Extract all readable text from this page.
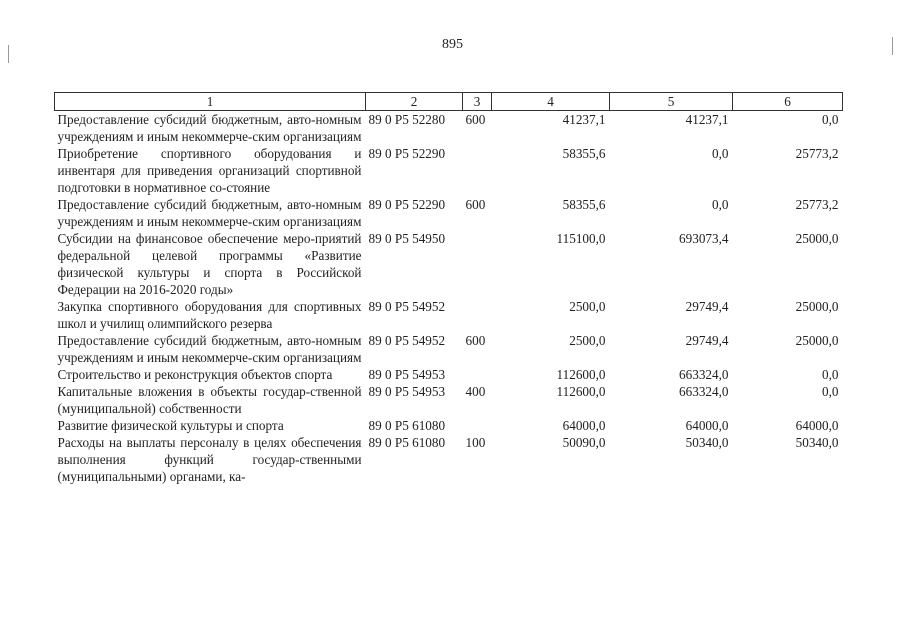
895
1	2	3	4	5	6
Предоставление субсидий бюджетным, авто-номным учреждениям и иным некоммерче-ским организациям	89 0 P5 52280	600	41237,1	41237,1	0,0
Приобретение спортивного оборудования и инвентаря для приведения организаций спортивной подготовки в нормативное со-стояние	89 0 P5 52290		58355,6	0,0	25773,2
Предоставление субсидий бюджетным, авто-номным учреждениям и иным некоммерче-ским организациям	89 0 P5 52290	600	58355,6	0,0	25773,2
Субсидии на финансовое обеспечение меро-приятий федеральной целевой программы «Развитие физической культуры и спорта в Российской Федерации на 2016-2020 годы»	89 0 P5 54950		115100,0	693073,4	25000,0
Закупка спортивного оборудования для спортивных школ и училищ олимпийского резерва	89 0 P5 54952		2500,0	29749,4	25000,0
Предоставление субсидий бюджетным, авто-номным учреждениям и иным некоммерче-ским организациям	89 0 P5 54952	600	2500,0	29749,4	25000,0
Строительство и реконструкция объектов спорта	89 0 P5 54953		112600,0	663324,0	0,0
Капитальные вложения в объекты государ-ственной (муниципальной) собственности	89 0 P5 54953	400	112600,0	663324,0	0,0
Развитие физической культуры и спорта	89 0 P5 61080		64000,0	64000,0	64000,0
Расходы на выплаты персоналу в целях обеспечения выполнения функций государ-ственными (муниципальными) органами, ка-	89 0 P5 61080	100	50090,0	50340,0	50340,0
